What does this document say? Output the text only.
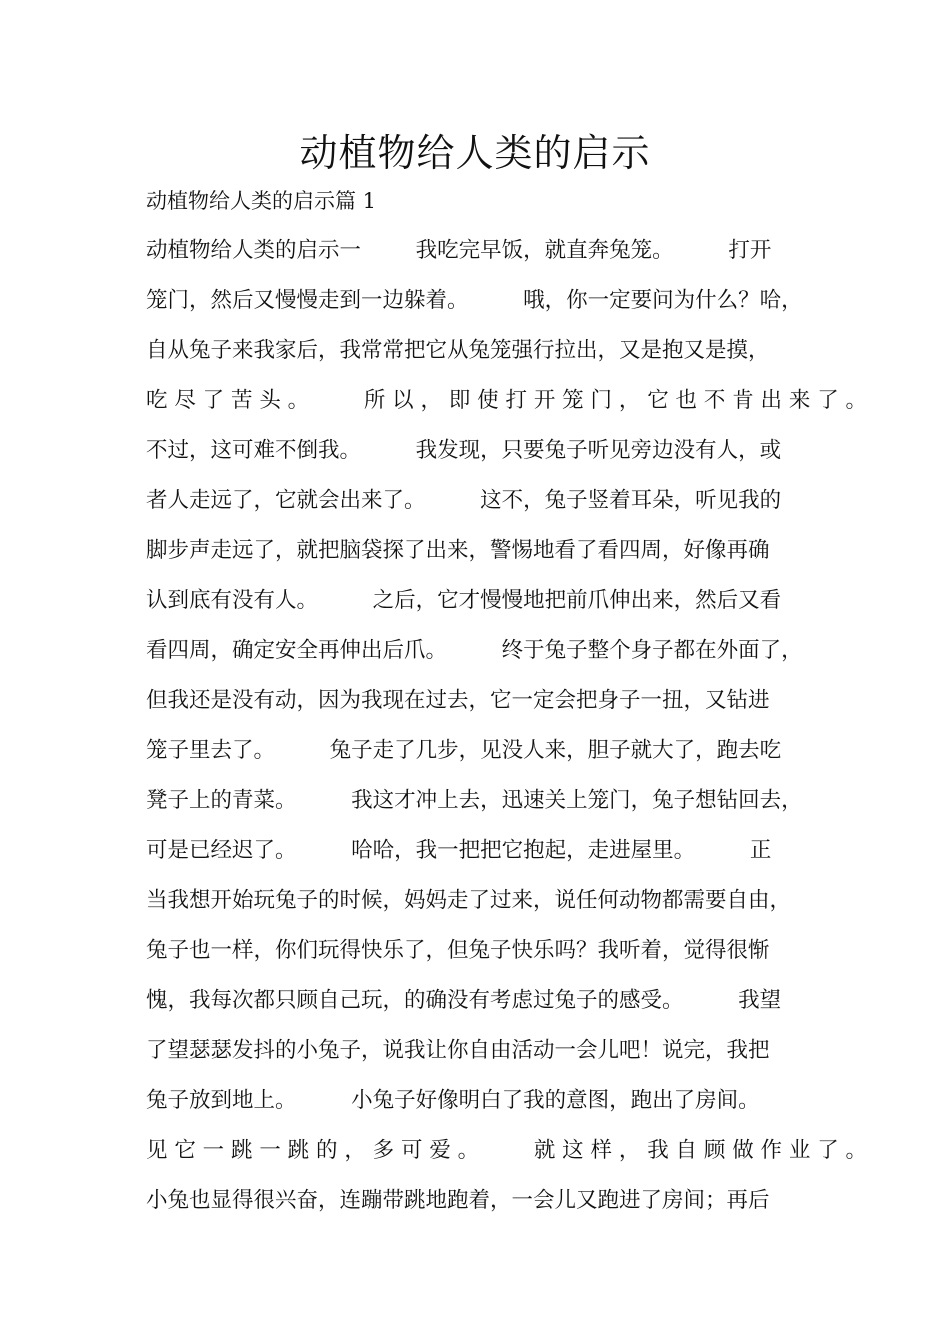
动植物给人类的启示

动植物给人类的启示篇 1

动植物给人类的启示一        我吃完早饭，就直奔兔笼。        打开
笼门，然后又慢慢走到一边躲着。        哦，你一定要问为什么？哈，
自从兔子来我家后，我常常把它从兔笼强行拉出，又是抱又是摸，
吃 尽 了 苦 头 。        所 以 ， 即 使 打 开 笼 门 ， 它 也 不 肯 出 来 了 。
不过，这可难不倒我。        我发现，只要兔子听见旁边没有人，或
者人走远了，它就会出来了。        这不，兔子竖着耳朵，听见我的
脚步声走远了，就把脑袋探了出来，警惕地看了看四周，好像再确
认到底有没有人。        之后，它才慢慢地把前爪伸出来，然后又看
看四周，确定安全再伸出后爪。        终于兔子整个身子都在外面了，
但我还是没有动，因为我现在过去，它一定会把身子一扭，又钻进
笼子里去了。        兔子走了几步，见没人来，胆子就大了，跑去吃
凳子上的青菜。        我这才冲上去，迅速关上笼门，兔子想钻回去，
可是已经迟了。        哈哈，我一把把它抱起，走进屋里。        正
当我想开始玩兔子的时候，妈妈走了过来，说任何动物都需要自由，
兔子也一样，你们玩得快乐了，但兔子快乐吗？我听着，觉得很惭
愧，我每次都只顾自己玩，的确没有考虑过兔子的感受。        我望
了望瑟瑟发抖的小兔子，说我让你自由活动一会儿吧！说完，我把
兔子放到地上。        小兔子好像明白了我的意图，跑出了房间。
见 它 一 跳 一 跳 的 ， 多 可 爱 。        就 这 样 ， 我 自 顾 做 作 业 了 。
小兔也显得很兴奋，连蹦带跳地跑着，一会儿又跑进了房间；再后
